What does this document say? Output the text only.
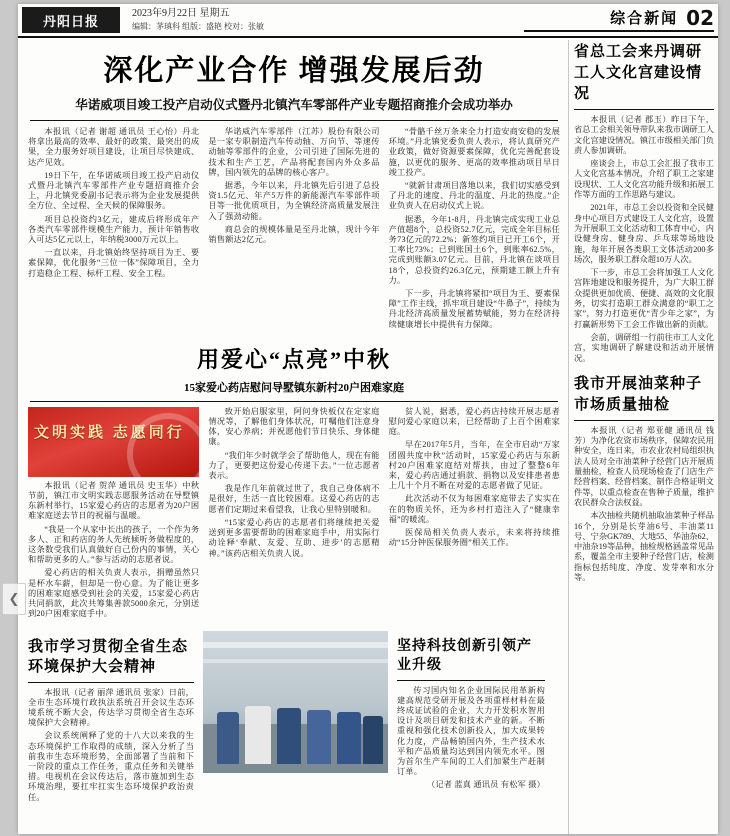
丹阳日报
2023年9月22日 星期五
编辑：茅瑱科 组版：盛艳 校对：张敏	综合新闻 02
深化产业合作 增强发展后劲
华诺威项目竣工投产启动仪式暨丹北镇汽车零部件产业专题招商推介会成功举办

本报讯（记者 谢超 通讯员 王心怡）丹北将拿出最高的效率、最好的政策、最突出的成果，全力服务好项目建设，让项目尽快建成、达产见效。

19日下午，在华诺威项目竣工投产启动仪式暨丹北镇汽车零部件产业专题招商推介会上，丹北镇党委副书记表示将为企业发展提供全方位、全过程、全天候的保障服务。

项目总投资约3亿元，建成后将形成年产各类汽车零部件规模生产能力，预计年销售收入可达5亿元以上，年纳税3000万元以上。

一直以来，丹北镇始终坚持项目为王、要素保障，优化服务“三位一体”保障项目，全力打造稳企工程、标杆工程、安全工程。

华诺威汽车零部件（江苏）股份有限公司是一家专职制造汽车传动轴、万向节、等速传动轴等零部件的企业，公司引进了国际先进的技术和生产工艺，产品将配套国内外众多品牌，国内领先的品牌的核心客户。

据悉，今年以来，丹北镇先后引进了总投资1.5亿元、年产5万件的新能源汽车零部件项目等一批优质项目，为全镇经济高质量发展注入了强劲动能。

商总会的规模体量是至丹北镇，现计今年销售额达2亿元。

“骨骼千丝万条来全力打造安商安稳的发展环境。”丹北镇党委负责人表示，将认真研究产业政策，做好资源要素保障，优化完善配套设施，以更优的服务、更高的效率推动项目早日竣工投产。

“就新甘肃项目落地以来，我们切实感受到了丹北的速度、丹北的温度、丹北的热度。”企业负责人在启动仪式上说。

据悉，今年1-8月，丹北镇完成实现工业总产值超8个，总投资52.7亿元，完成全年目标任务73亿元的72.2%；新签约项目已开工6个，开工率比73%；已到账国土6个，到账率62.5%，完成到账额3.07亿元。目前，丹北镇在谈项目18个，总投资约26.3亿元，预期建工额上升有力。

下一步，丹北镇将紧扣“项目为王、要素保障”工作主线，抓牢项目建设“牛鼻子”，持续为丹北经济高质量发展蓄势赋能，努力在经济持续健康增长中提供有力保障。

用爱心“点亮”中秋
15家爱心药店慰问导墅镇东新村20户困难家庭
文明实践 志愿同行

本报讯（记者 贺萍 通讯员 史玉华）中秋节前，镇江市文明实践志愿服务活动在导墅镇东新村举行，15家爱心药店的志愿者为20户困难家庭送去节日的祝福与温暖。

“我是一个从家中长出的孩子，一个作为务多人、正和药店的务人先统倾听务做程度的，这条数受我们认真做好自己份内的事情，关心和帮助更多的人。”参与活动的志愿者说。

爱心药店的相关负责人表示，捐赠虽然只是杯水车薪，但却是一份心意。为了能让更多的困难家庭感受到社会的关爱，15家爱心药店共同捐款，此次共筹集善款5000余元，分别送到20户困难家庭手中。

致开始启服家里，阿问身快板仅在定家庭情况等，了解他们身体状况，叮嘱他们注意身体，安心养病；并祝愿他们节日快乐、身体健康。

“我们年少时就学会了帮助他人，现在有能力了，更要把这份爱心传递下去。”一位志愿者表示。

我是作几年前就过世了，我自己身体病不是很好，生活一直比较困难。这爱心药店的志愿者们定期过来看望我，让我心里特别暖和。

“15家爱心药店的志愿者们将继续把关爱送到更多需要帮助的困难家庭手中，用实际行动诠释‘奉献、友爱、互助、进步’的志愿精神。”该药店相关负责人说。

贫人说，据悉，爱心药店持续开展志愿者慰问爱心家庭以来，已经帮助了上百个困难家庭。

早在2017年5月，当年，在全市启动“万家团圆共度中秋”活动时，15家爱心药店与东新村20户困难家庭结对帮扶，由过了整整6年来，爱心药店通过捐款、捐物以及安排患者患上几十个月不断在对爱的志愿者做了见证。

此次活动不仅为每困难家庭带去了实实在在的物质关怀，还为乡村打造注入了“健康幸福”的暖流。

医保局相关负责人表示，未来将持续推动“15分钟医保服务圈”相关工作。

我市学习贯彻全省生态环境保护大会精神

本报讯（记者 丽萍 通讯员 张家）日前，全市生态环境行政执法系统召开会议生态环境系统不断大会，传达学习贯彻全省生态环境保护大会精神。

会议系统阐释了党的十八大以来我的生态环境保护工作取得的成绩，深入分析了当前我市生态环境形势，全面部署了当前和下一阶段的重点工作任务，重点任务和关键举措。电视机在会议传达后，落市施加到生态环境治理，要扛牢扛实生态环境保护政治责任。

坚持科技创新引领产业升级

传习国内知名企业国际民用革新构建高规范受研开展及各项重样材料在最终成证试验的企业，大力开发积水智用设计及项目研发和技术产业的新。不断重视和强化技术创新投入，加大成果转化力度，产品畅销国内外，生产技术水平和产品质量均达到国内领先水平。图为首尔生产车间的工人们加紧生产赶制订单。

（记者 蓝真 通讯员 有松军 摄）

省总工会来丹调研工人文化宫建设情况

本报讯（记者 郡玉）昨日下午，省总工会相关领导带队来我市调研工人文化宫建设情况。镇江市级相关部门负责人参加调研。

座谈会上，市总工会汇报了我市工人文化宫基本情况，介绍了职工之家建设现状、工人文化宫功能升级和拓展工作等方面的工作思路与建议。

2021年，市总工会以投资和全民健身中心项目方式建设工人文化宫，设置为开展职工文化活动和工体育中心，内设健身房、健身房、乒乓球等场地设施，每年开展各类职工文体活动200多场次，服务职工群众超10万人次。

下一步，市总工会将加强工人文化宫阵地建设和服务提升，为广大职工群众提供更加优质、便捷、高效的文化服务，切实打造职工群众满意的“职工之家”，努力打造更优“青少年之家”，为打赢新形势下工会工作做出新的贡献。

会前，调研组一行前往市工人文化宫，实地调研了解建设和活动开展情况。

我市开展油菜种子市场质量抽检

本报讯（记者 郑亚健 通讯员 钱芳）为净化农资市场秩序，保障农民用种安全，连日来，市农业农村局组织执法人员对全市油菜种子经营门店开展质量抽检，检查人员现场检查了门店生产经营档案、经营档案、制作合格证明文件等，以重点检查在售种子质量，维护农民群众合法权益。

本次抽检共随机抽取油菜种子样品16个，分别是长芽油6号、丰油菜11号、宁杂GK789、大地55、华油杂62、中油杂19等品种，抽检规格涵盖常见品系，覆盖全市主要种子经营门店，检测指标包括纯度、净度、发芽率和水分等。

❮
